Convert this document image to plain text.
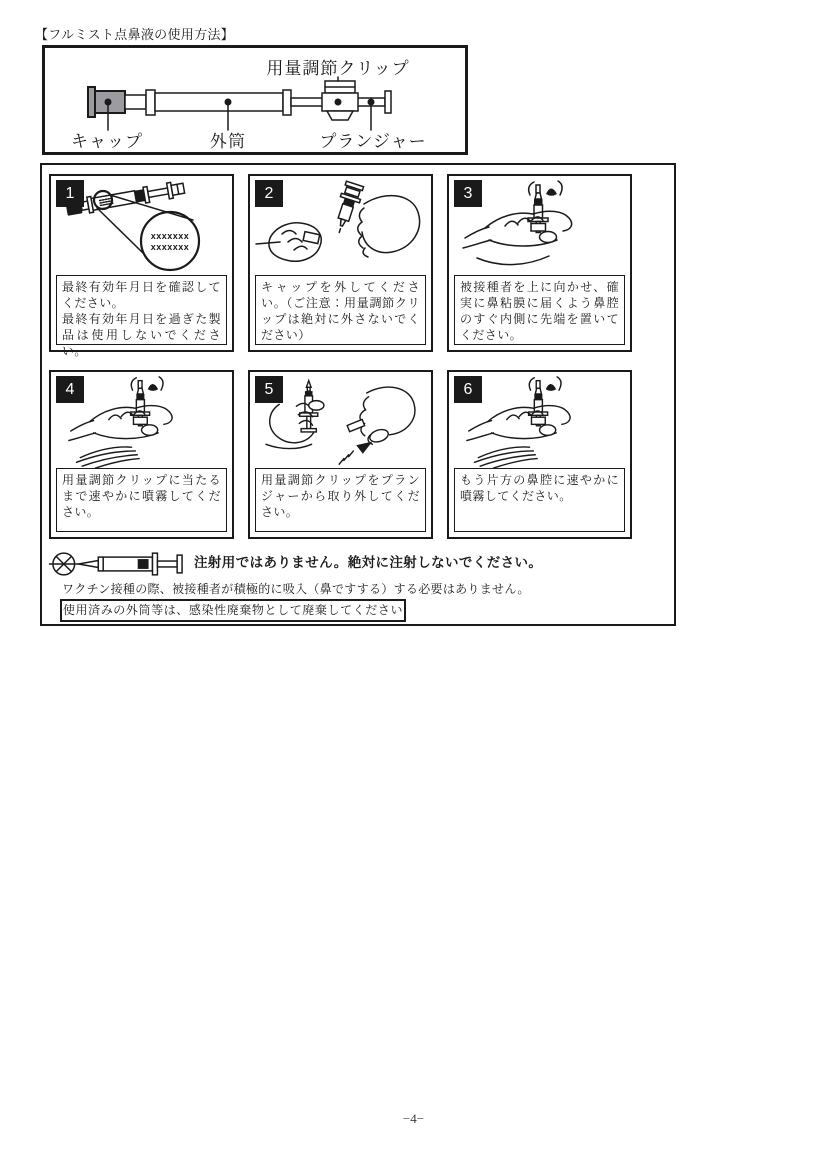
【フルミスト点鼻液の使用方法】
用量調節クリップ
キャップ	外筒	プランジャー
1
xxxxxxx
xxxxxxx

最終有効年月日を確認してください。

最終有効年月日を過ぎた製品は使用しないでください。

2

キャップを外してください。（ご注意：用量調節クリップは絶対に外さないでください）

3

被接種者を上に向かせ、確実に鼻粘膜に届くよう鼻腔のすぐ内側に先端を置いてください。

4

用量調節クリップに当たるまで速やかに噴霧してください。

5

用量調節クリップをプランジャーから取り外してください。

6

もう片方の鼻腔に速やかに噴霧してください。

注射用ではありません。絶対に注射しないでください。
ワクチン接種の際、被接種者が積極的に吸入（鼻ですする）する必要はありません。
使用済みの外筒等は、感染性廃棄物として廃棄してください
−4−
